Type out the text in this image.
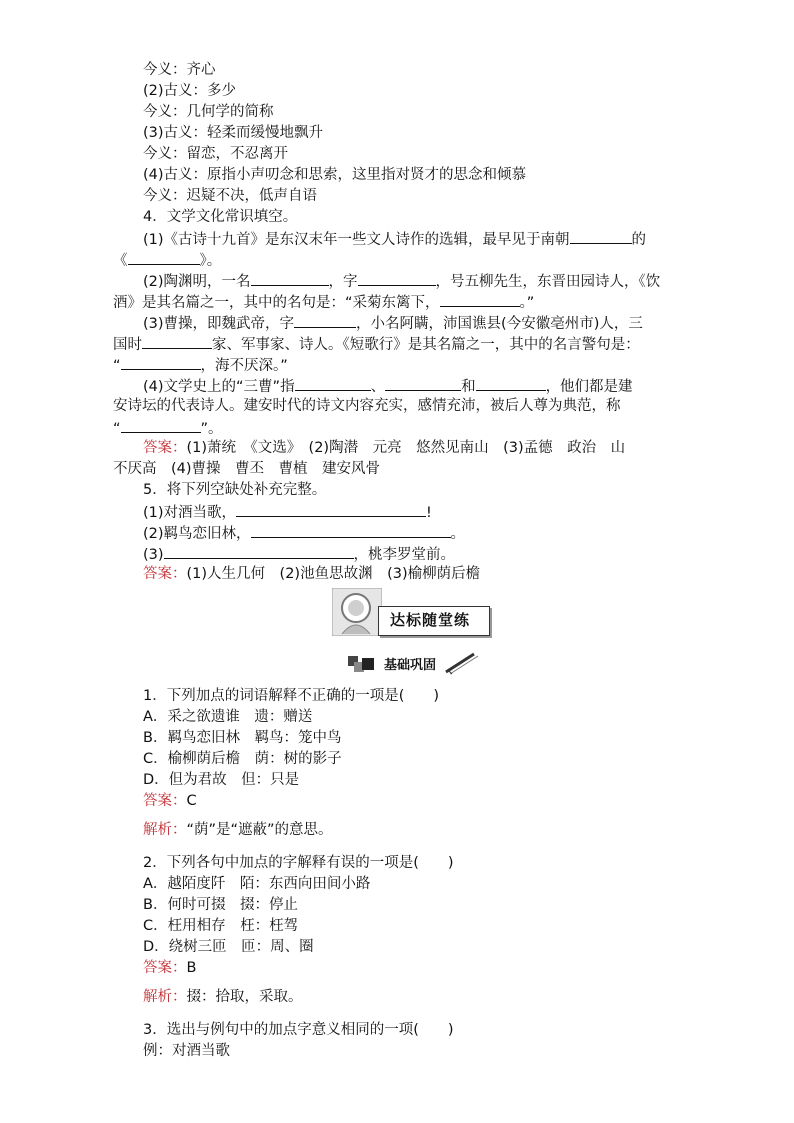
今义：齐心
(2)古义：多少
今义：几何学的简称
(3)古义：轻柔而缓慢地飘升
今义：留恋，不忍离开
(4)古义：原指小声叨念和思索，这里指对贤才的思念和倾慕
今义：迟疑不决，低声自语
4．文学文化常识填空。
(1)《古诗十九首》是东汉末年一些文人诗作的选辑，最早见于南朝	的
《	》。
(2)陶渊明，一名	，字	，号五柳先生，东晋田园诗人，《饮
酒》是其名篇之一，其中的名句是：“采菊东篱下，	。”
(3)曹操，即魏武帝，字	，小名阿瞒，沛国谯县(今安徽亳州市)人，三
国时	家、军事家、诗人。《短歌行》是其名篇之一，其中的名言警句是：
“	，海不厌深。”
(4)文学史上的“三曹”指	、	和	，他们都是建
安诗坛的代表诗人。建安时代的诗文内容充实，感情充沛，被后人尊为典范，称
“	”。
答案：(1)萧统　《文选》　(2)陶潜　元亮　悠然见南山　(3)孟德　政治　山
不厌高　(4)曹操　曹丕　曹植　建安风骨
5．将下列空缺处补充完整。
(1)对酒当歌，	!
(2)羁鸟恋旧林，	。
(3)	，桃李罗堂前。
答案：(1)人生几何　(2)池鱼思故渊　(3)榆柳荫后檐
达标随堂练
基础巩固
1．下列加点的词语解释不正确的一项是(　　)
A．采之欲遗谁　遗：赠送
B．羁鸟恋旧林　羁鸟：笼中鸟
C．榆柳荫后檐　荫：树的影子
D．但为君故　但：只是
答案：C
解析：“荫”是“遮蔽”的意思。
2．下列各句中加点的字解释有误的一项是(　　)
A．越陌度阡　陌：东西向田间小路
B．何时可掇　掇：停止
C．枉用相存　枉：枉驾
D．绕树三匝　匝：周、圈
答案：B
解析：掇：拾取，采取。
3．选出与例句中的加点字意义相同的一项(　　)
例：对酒当歌
